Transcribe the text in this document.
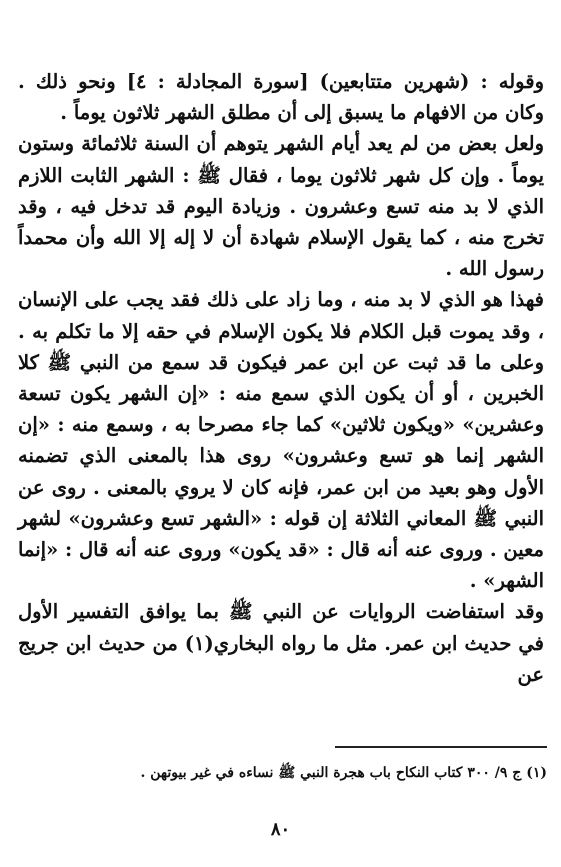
وقوله : (شهرين متتابعين) [سورة المجادلة : ٤] ونحو ذلك . وكان من الافهام ما يسبق إلى أن مطلق الشهر ثلاثون يوماً .

ولعل بعض من لم يعد أيام الشهر يتوهم أن السنة ثلاثمائة وستون يوماً . وإن كل شهر ثلاثون يوما ، فقال ﷺ : الشهر الثابت اللازم الذي لا بد منه تسع وعشرون . وزيادة اليوم قد تدخل فيه ، وقد تخرج منه ، كما يقول الإسلام شهادة أن لا إله إلا الله وأن محمداً رسول الله .

فهذا هو الذي لا بد منه ، وما زاد على ذلك فقد يجب على الإنسان ، وقد يموت قبل الكلام فلا يكون الإسلام في حقه إلا ما تكلم به . وعلى ما قد ثبت عن ابن عمر فيكون قد سمع من النبي ﷺ كلا الخبرين ، أو أن يكون الذي سمع منه : «إن الشهر يكون تسعة وعشرين» «ويكون ثلاثين» كما جاء مصرحا به ، وسمع منه : «إن الشهر إنما هو تسع وعشرون» روى هذا بالمعنى الذي تضمنه الأول وهو بعيد من ابن عمر، فإنه كان لا يروي بالمعنى . روى عن النبي ﷺ المعاني الثلاثة إن قوله : «الشهر تسع وعشرون» لشهر معين . وروى عنه أنه قال : «قد يكون» وروى عنه أنه قال : «إنما الشهر» .

وقد استفاضت الروايات عن النبي ﷺ بما يوافق التفسير الأول في حديث ابن عمر. مثل ما رواه البخاري(١) من حديث ابن جريج عن

(١) ج ٩/ ٣٠٠ كتاب النكاح باب هجرة النبي ﷺ نساءه في غير بيوتهن .
٨٠
